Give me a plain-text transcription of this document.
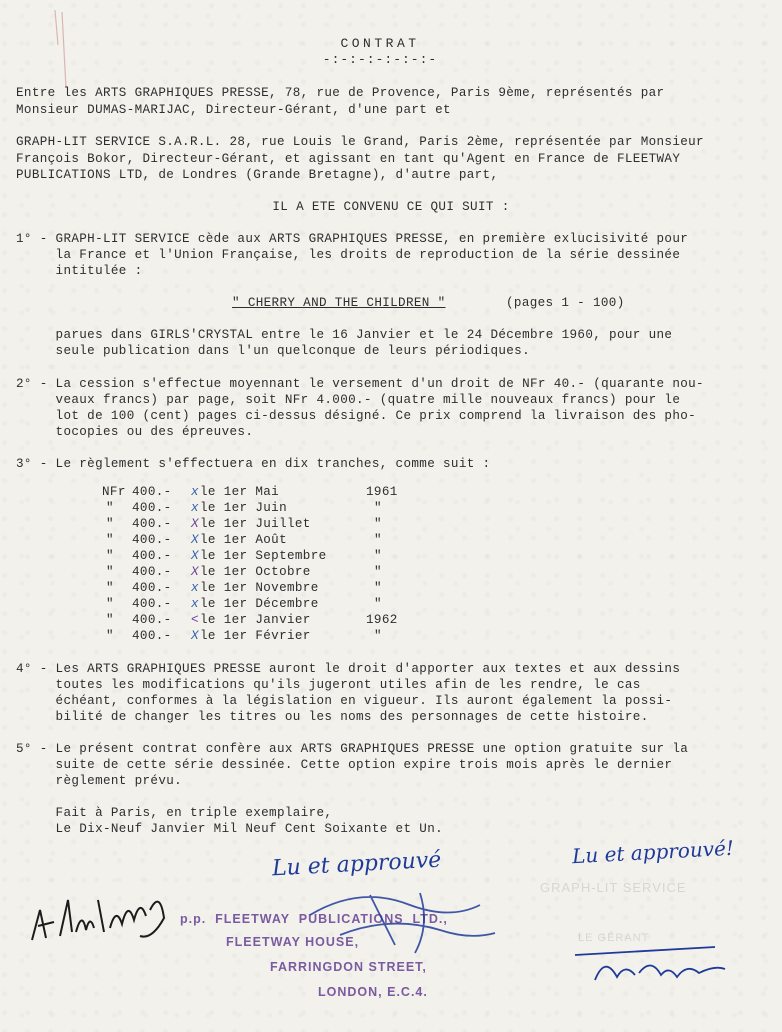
CONTRAT
-:-:-:-:-:-:-
Entre les ARTS GRAPHIQUES PRESSE, 78, rue de Provence, Paris 9ème, représentés par
Monsieur DUMAS-MARIJAC, Directeur-Gérant, d'une part et
GRAPH-LIT SERVICE S.A.R.L. 28, rue Louis le Grand, Paris 2ème, représentée par Monsieur
François Bokor, Directeur-Gérant, et agissant en tant qu'Agent en France de FLEETWAY
PUBLICATIONS LTD, de Londres (Grande Bretagne), d'autre part,
IL A ETE CONVENU CE QUI SUIT :
1° - GRAPH-LIT SERVICE cède aux ARTS GRAPHIQUES PRESSE, en première exlucisivité pour
la France et l'Union Française, les droits de reproduction de la série dessinée
intitulée :
" CHERRY AND THE CHILDREN "	(pages 1 - 100)
parues dans GIRLS'CRYSTAL entre le 16 Janvier et le 24 Décembre 1960, pour une
seule publication dans l'un quelconque de leurs périodiques.
2° - La cession s'effectue moyennant le versement d'un droit de NFr 40.- (quarante nou-
veaux francs) par page, soit NFr 4.000.- (quatre mille nouveaux francs) pour le
lot de 100 (cent) pages ci-dessus désigné. Ce prix comprend la livraison des pho-
tocopies ou des épreuves.
3° - Le règlement s'effectuera en dix tranches, comme suit :
NFr 400.- x le 1er Mai	1961
" 400.- x le 1er Juin	"
" 400.- X le 1er Juillet	"
" 400.- X le 1er Août	"
" 400.- X le 1er Septembre	"
" 400.- X le 1er Octobre	"
" 400.- x le 1er Novembre	"
" 400.- x le 1er Décembre	"
" 400.- < le 1er Janvier	1962
" 400.- X le 1er Février	"
4° - Les ARTS GRAPHIQUES PRESSE auront le droit d'apporter aux textes et aux dessins
toutes les modifications qu'ils jugeront utiles afin de les rendre, le cas
échéant, conformes à la législation en vigueur. Ils auront également la possi-
bilité de changer les titres ou les noms des personnages de cette histoire.
5° - Le présent contrat confère aux ARTS GRAPHIQUES PRESSE une option gratuite sur la
suite de cette série dessinée. Cette option expire trois mois après le dernier
règlement prévu.
Fait à Paris, en triple exemplaire,
Le Dix-Neuf Janvier Mil Neuf Cent Soixante et Un.
Lu et approuvé	Lu et approuvé!
GRAPH-LIT SERVICE
LE GÉRANT
p.p.  FLEETWAY  PUBLICATIONS  LTD.,
FLEETWAY HOUSE,
FARRINGDON STREET,
LONDON, E.C.4.
